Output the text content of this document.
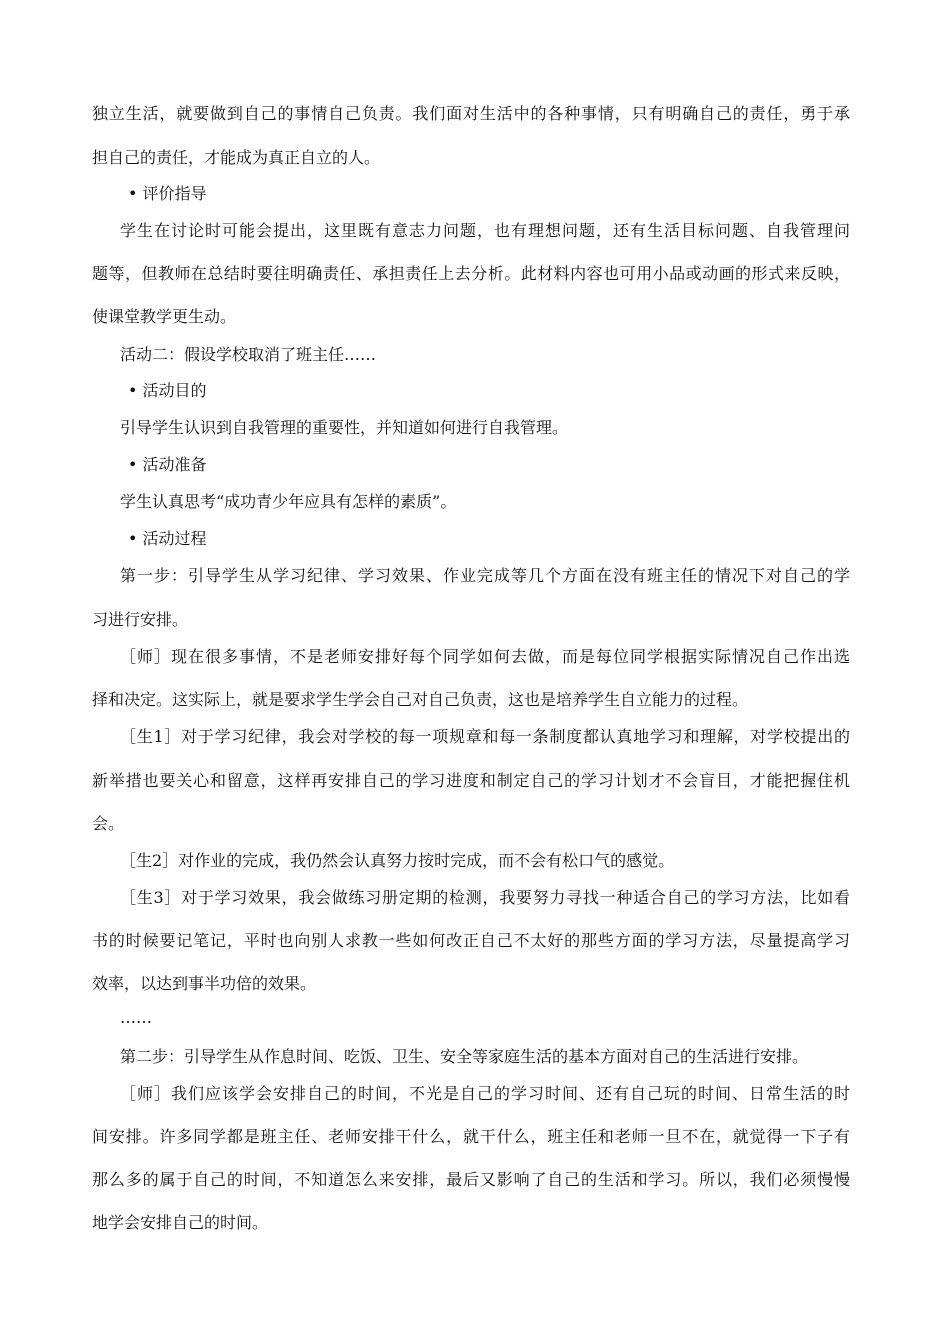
独立生活，就要做到自己的事情自己负责。我们面对生活中的各种事情，只有明确自己的责任，勇于承
担自己的责任，才能成为真正自立的人。
• 评价指导
学生在讨论时可能会提出，这里既有意志力问题，也有理想问题，还有生活目标问题、自我管理问
题等，但教师在总结时要往明确责任、承担责任上去分析。此材料内容也可用小品或动画的形式来反映，
使课堂教学更生动。
活动二：假设学校取消了班主任……
• 活动目的
引导学生认识到自我管理的重要性，并知道如何进行自我管理。
• 活动准备
学生认真思考“成功青少年应具有怎样的素质”。
• 活动过程
第一步：引导学生从学习纪律、学习效果、作业完成等几个方面在没有班主任的情况下对自己的学
习进行安排。
［师］现在很多事情，不是老师安排好每个同学如何去做，而是每位同学根据实际情况自己作出选
择和决定。这实际上，就是要求学生学会自己对自己负责，这也是培养学生自立能力的过程。
［生1］对于学习纪律，我会对学校的每一项规章和每一条制度都认真地学习和理解，对学校提出的
新举措也要关心和留意，这样再安排自己的学习进度和制定自己的学习计划才不会盲目，才能把握住机
会。
［生2］对作业的完成，我仍然会认真努力按时完成，而不会有松口气的感觉。
［生3］对于学习效果，我会做练习册定期的检测，我要努力寻找一种适合自己的学习方法，比如看
书的时候要记笔记，平时也向别人求教一些如何改正自己不太好的那些方面的学习方法，尽量提高学习
效率，以达到事半功倍的效果。
……
第二步：引导学生从作息时间、吃饭、卫生、安全等家庭生活的基本方面对自己的生活进行安排。
［师］我们应该学会安排自己的时间，不光是自己的学习时间、还有自己玩的时间、日常生活的时
间安排。许多同学都是班主任、老师安排干什么，就干什么，班主任和老师一旦不在，就觉得一下子有
那么多的属于自己的时间，不知道怎么来安排，最后又影响了自己的生活和学习。所以，我们必须慢慢
地学会安排自己的时间。
